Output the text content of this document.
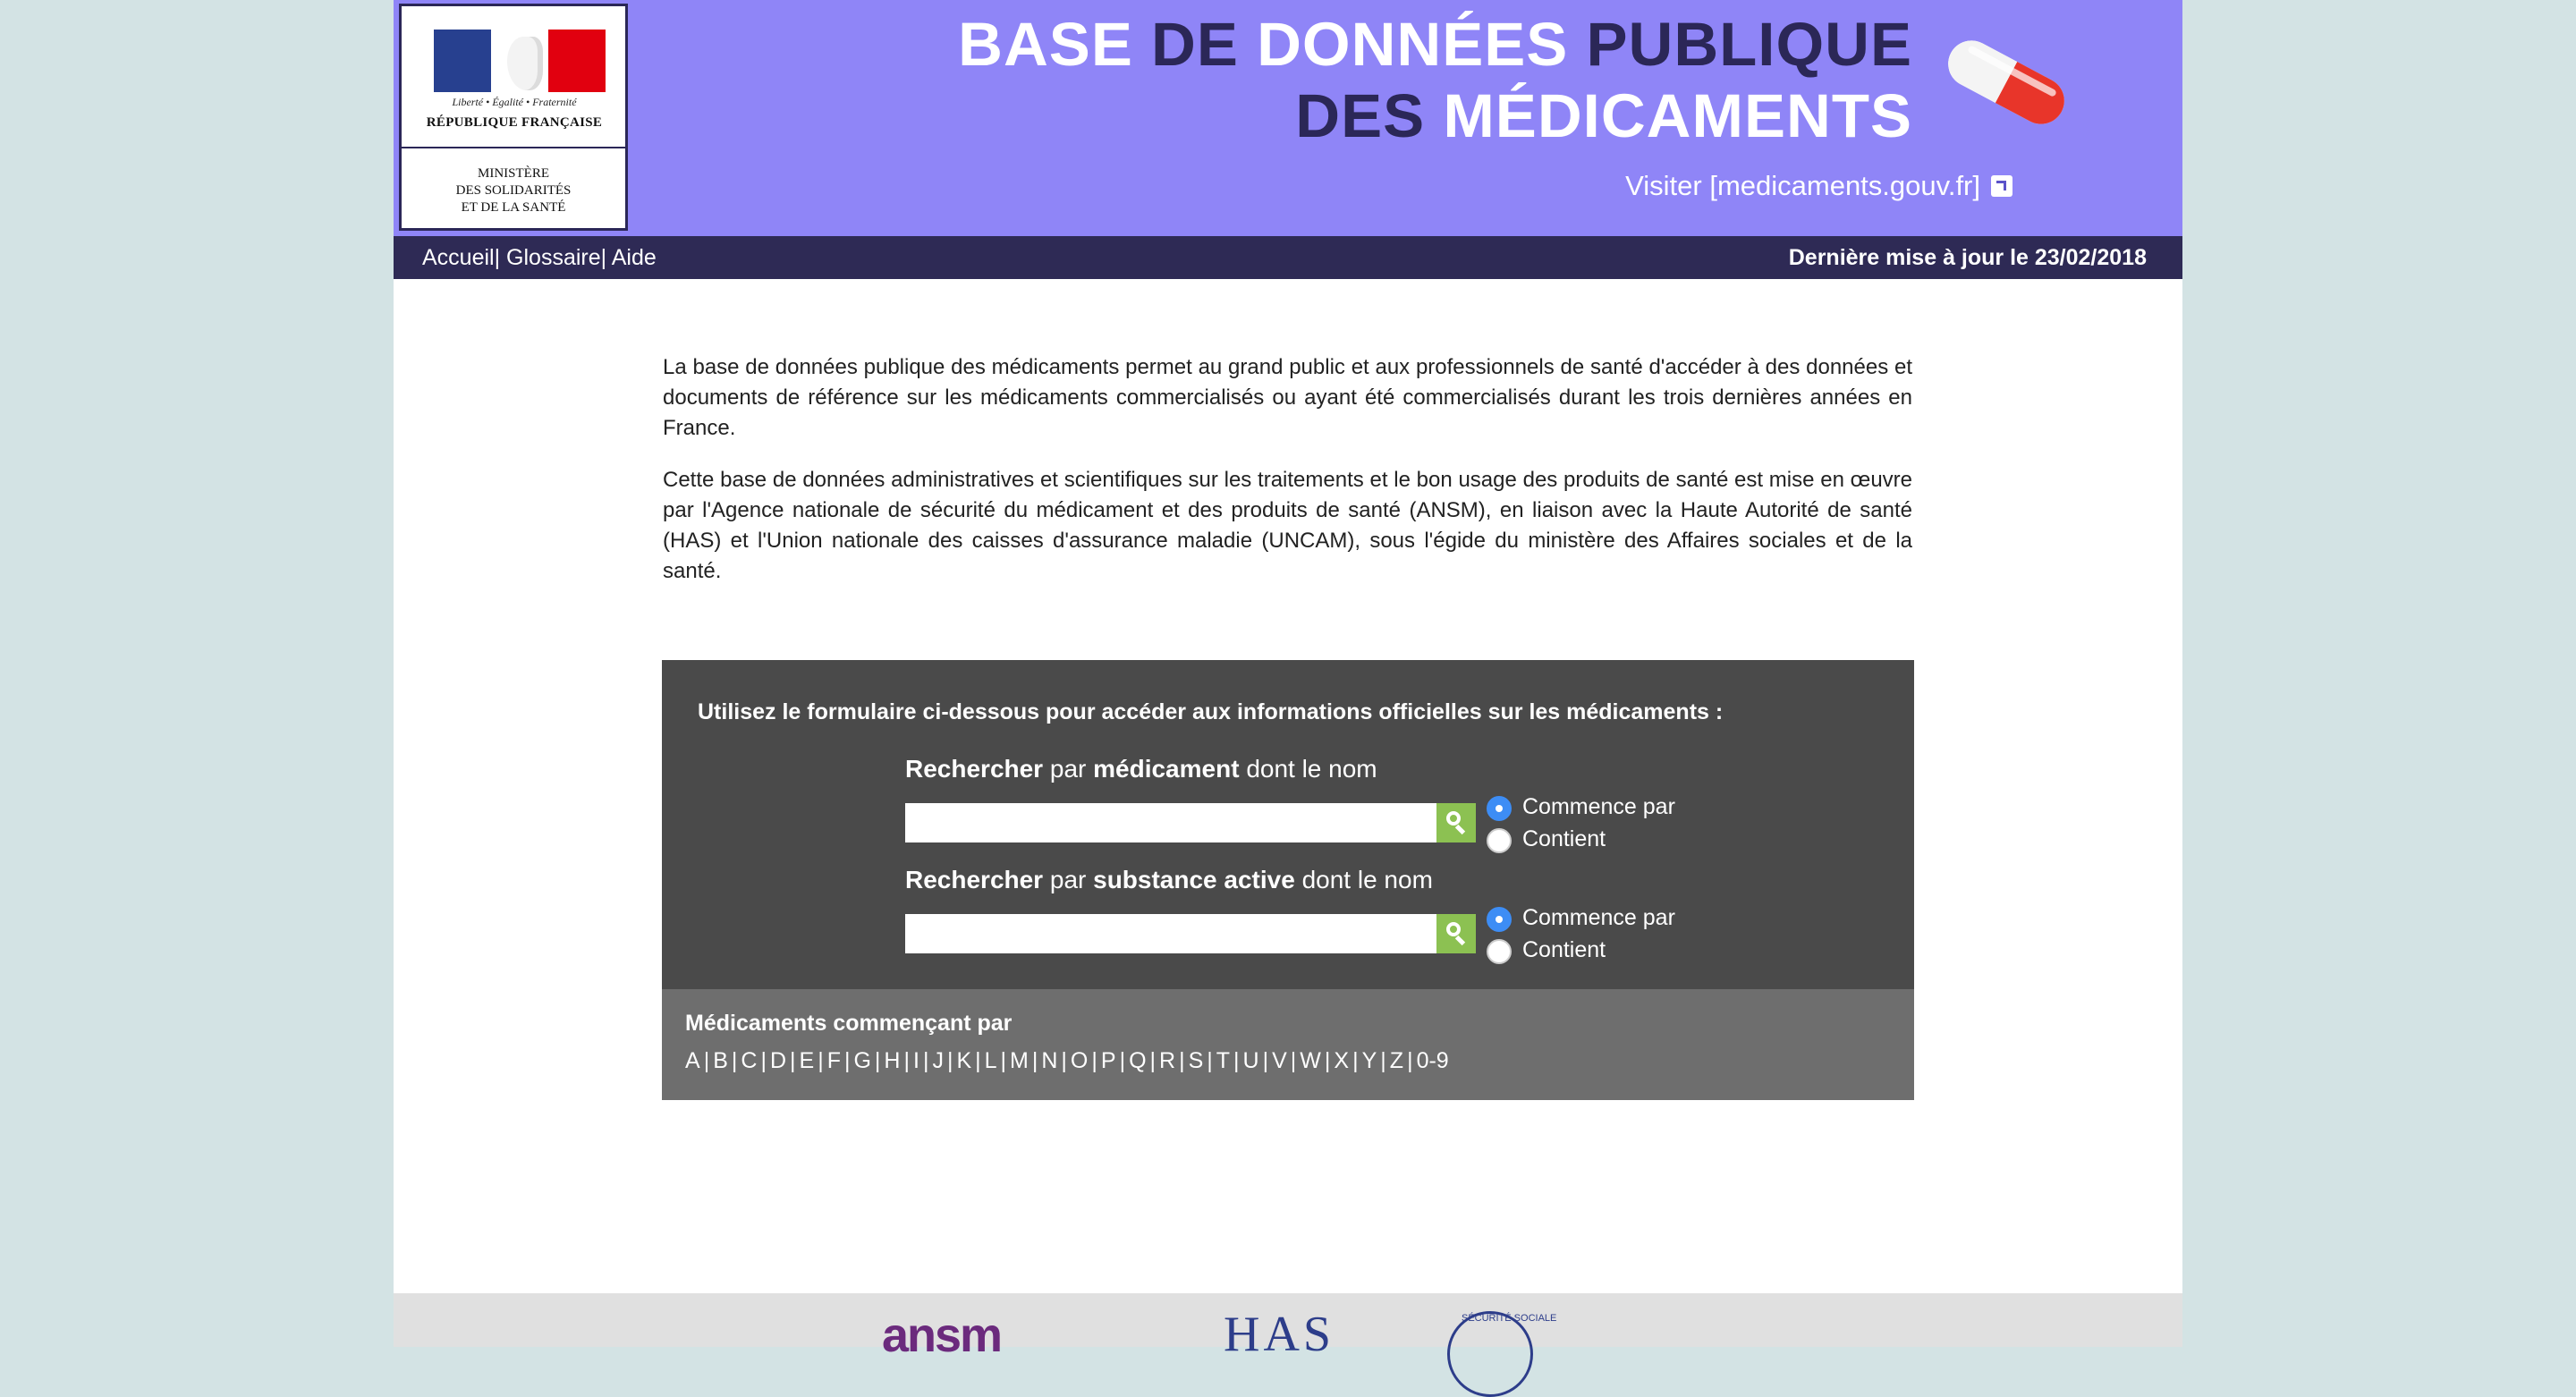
Liberté • Égalité • Fraternité
RÉPUBLIQUE FRANÇAISE
MINISTÈRE
DES SOLIDARITÉS
ET DE LA SANTÉ
BASE DE DONNÉES PUBLIQUE
DES MÉDICAMENTS
Visiter [medicaments.gouv.fr]
Accueil| Glossaire| Aide	Dernière mise à jour le 23/02/2018

La base de données publique des médicaments permet au grand public et aux professionnels de santé d'accéder à des données et documents de référence sur les médicaments commercialisés ou ayant été commercialisés durant les trois dernières années en France.

Cette base de données administratives et scientifiques sur les traitements et le bon usage des produits de santé est mise en œuvre par l'Agence nationale de sécurité du médicament et des produits de santé (ANSM), en liaison avec la Haute Autorité de santé (HAS) et l'Union nationale des caisses d'assurance maladie (UNCAM), sous l'égide du ministère des Affaires sociales et de la santé.

Utilisez le formulaire ci-dessous pour accéder aux informations officielles sur les médicaments :
Rechercher par médicament dont le nom
Commence par
Contient
Rechercher par substance active dont le nom
Commence par
Contient
Médicaments commençant par
A | B | C | D | E | F | G | H | I | J | K | L | M | N | O | P | Q | R | S | T | U | V | W | X | Y | Z | 0-9
ansm	HAS	SÉCURITÉ SOCIALE
